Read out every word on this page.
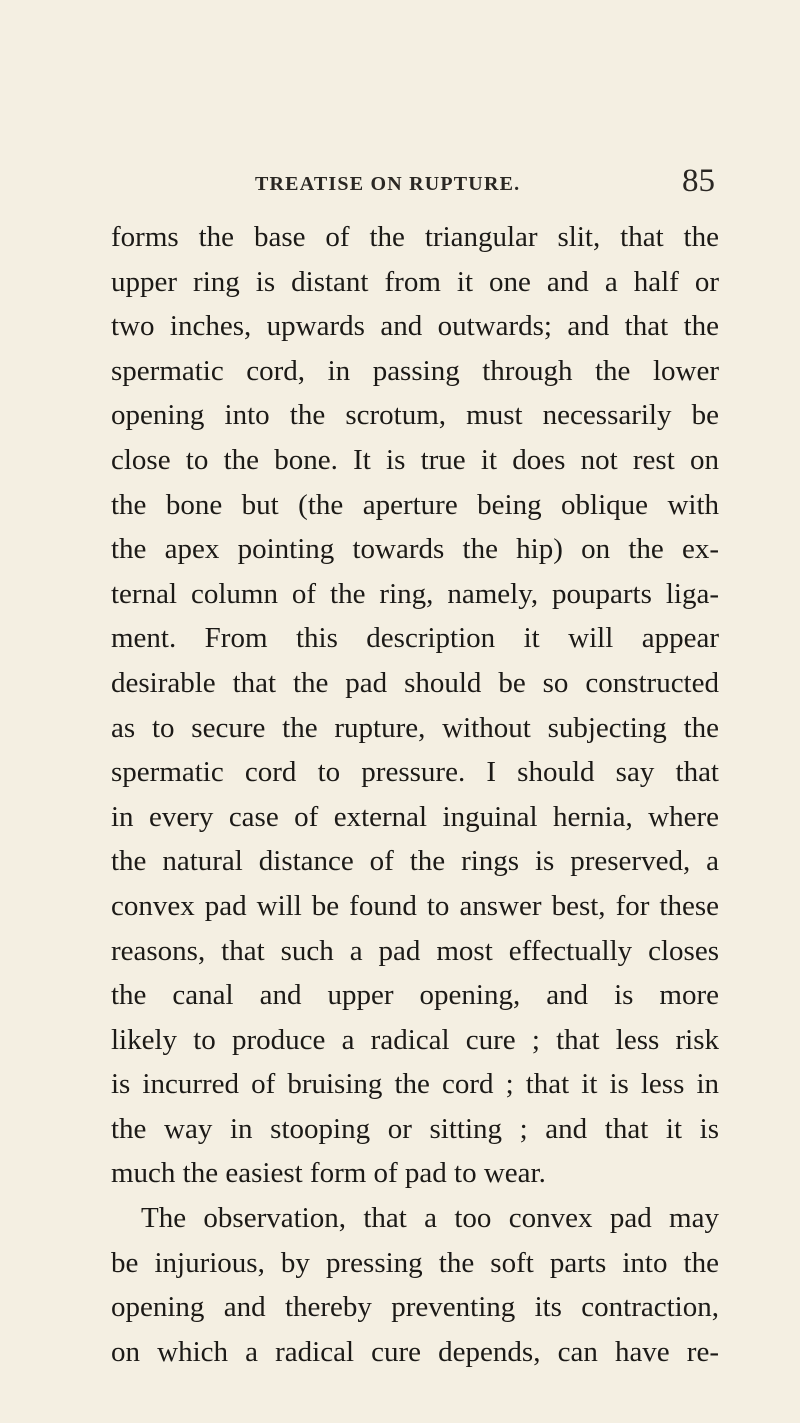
TREATISE ON RUPTURE.	85
forms the base of the triangular slit, that the
upper ring is distant from it one and a half or
two inches, upwards and outwards; and that the
spermatic cord, in passing through the lower
opening into the scrotum, must necessarily be
close to the bone. It is true it does not rest on
the bone but (the aperture being oblique with
the apex pointing towards the hip) on the ex-
ternal column of the ring, namely, pouparts liga-
ment. From this description it will appear
desirable that the pad should be so constructed
as to secure the rupture, without subjecting the
spermatic cord to pressure. I should say that
in every case of external inguinal hernia, where
the natural distance of the rings is preserved, a
convex pad will be found to answer best, for these
reasons, that such a pad most effectually closes
the canal and upper opening, and is more
likely to produce a radical cure ; that less risk
is incurred of bruising the cord ; that it is less in
the way in stooping or sitting ; and that it is
much the easiest form of pad to wear.
The observation, that a too convex pad may
be injurious, by pressing the soft parts into the
opening and thereby preventing its contraction,
on which a radical cure depends, can have re-
